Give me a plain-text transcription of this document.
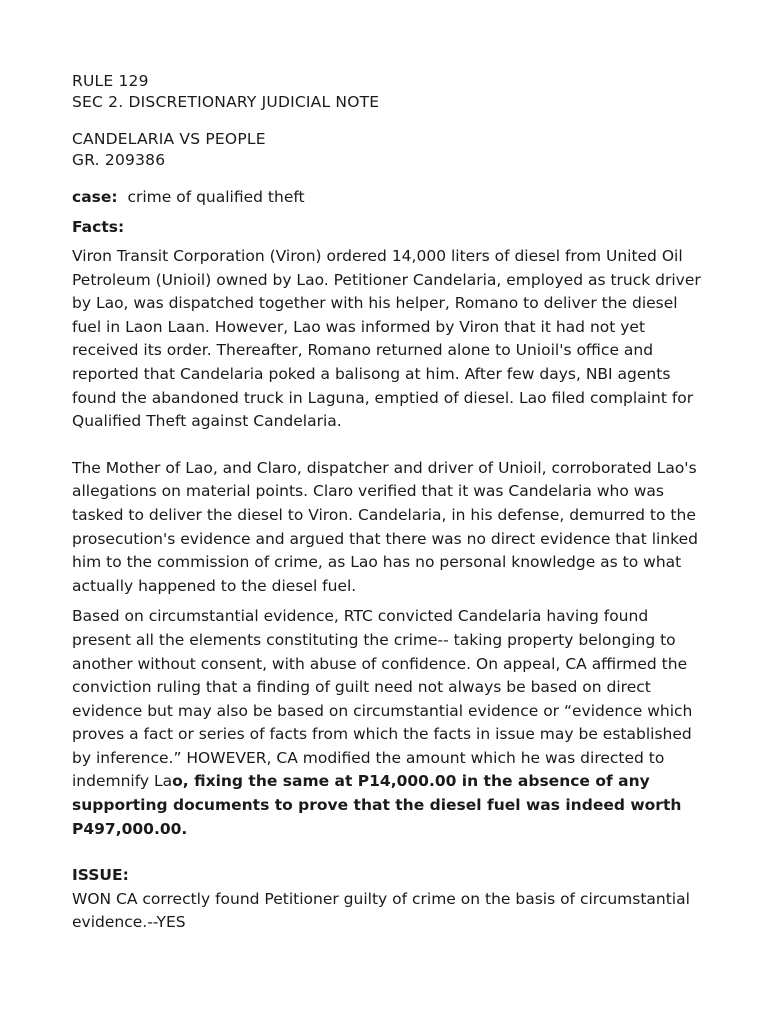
RULE 129

SEC 2. DISCRETIONARY JUDICIAL NOTE

CANDELARIA VS PEOPLE

GR. 209386

case: crime of qualified theft

Facts:

Viron Transit Corporation (Viron) ordered 14,000 liters of diesel from United Oil Petroleum (Unioil) owned by Lao. Petitioner Candelaria, employed as truck driver by Lao, was dispatched together with his helper, Romano to deliver the diesel fuel in Laon Laan. However, Lao was informed by Viron that it had not yet received its order. Thereafter, Romano returned alone to Unioil's office and reported that Candelaria poked a balisong at him. After few days, NBI agents found the abandoned truck in Laguna, emptied of diesel. Lao filed complaint for Qualified Theft against Candelaria.

The Mother of Lao, and Claro, dispatcher and driver of Unioil, corroborated Lao's allegations on material points. Claro verified that it was Candelaria who was tasked to deliver the diesel to Viron. Candelaria, in his defense, demurred to the prosecution's evidence and argued that there was no direct evidence that linked him to the commission of crime, as Lao has no personal knowledge as to what actually happened to the diesel fuel.

Based on circumstantial evidence, RTC convicted Candelaria having found present all the elements constituting the crime-- taking property belonging to another without consent, with abuse of confidence. On appeal, CA affirmed the conviction ruling that a finding of guilt need not always be based on direct evidence but may also be based on circumstantial evidence or “evidence which proves a fact or series of facts from which the facts in issue may be established by inference.” HOWEVER, CA modified the amount which he was directed to indemnify Lao, fixing the same at P14,000.00 in the absence of any supporting documents to prove that the diesel fuel was indeed worth P497,000.00.

ISSUE:

WON CA correctly found Petitioner guilty of crime on the basis of circumstantial evidence.--YES
